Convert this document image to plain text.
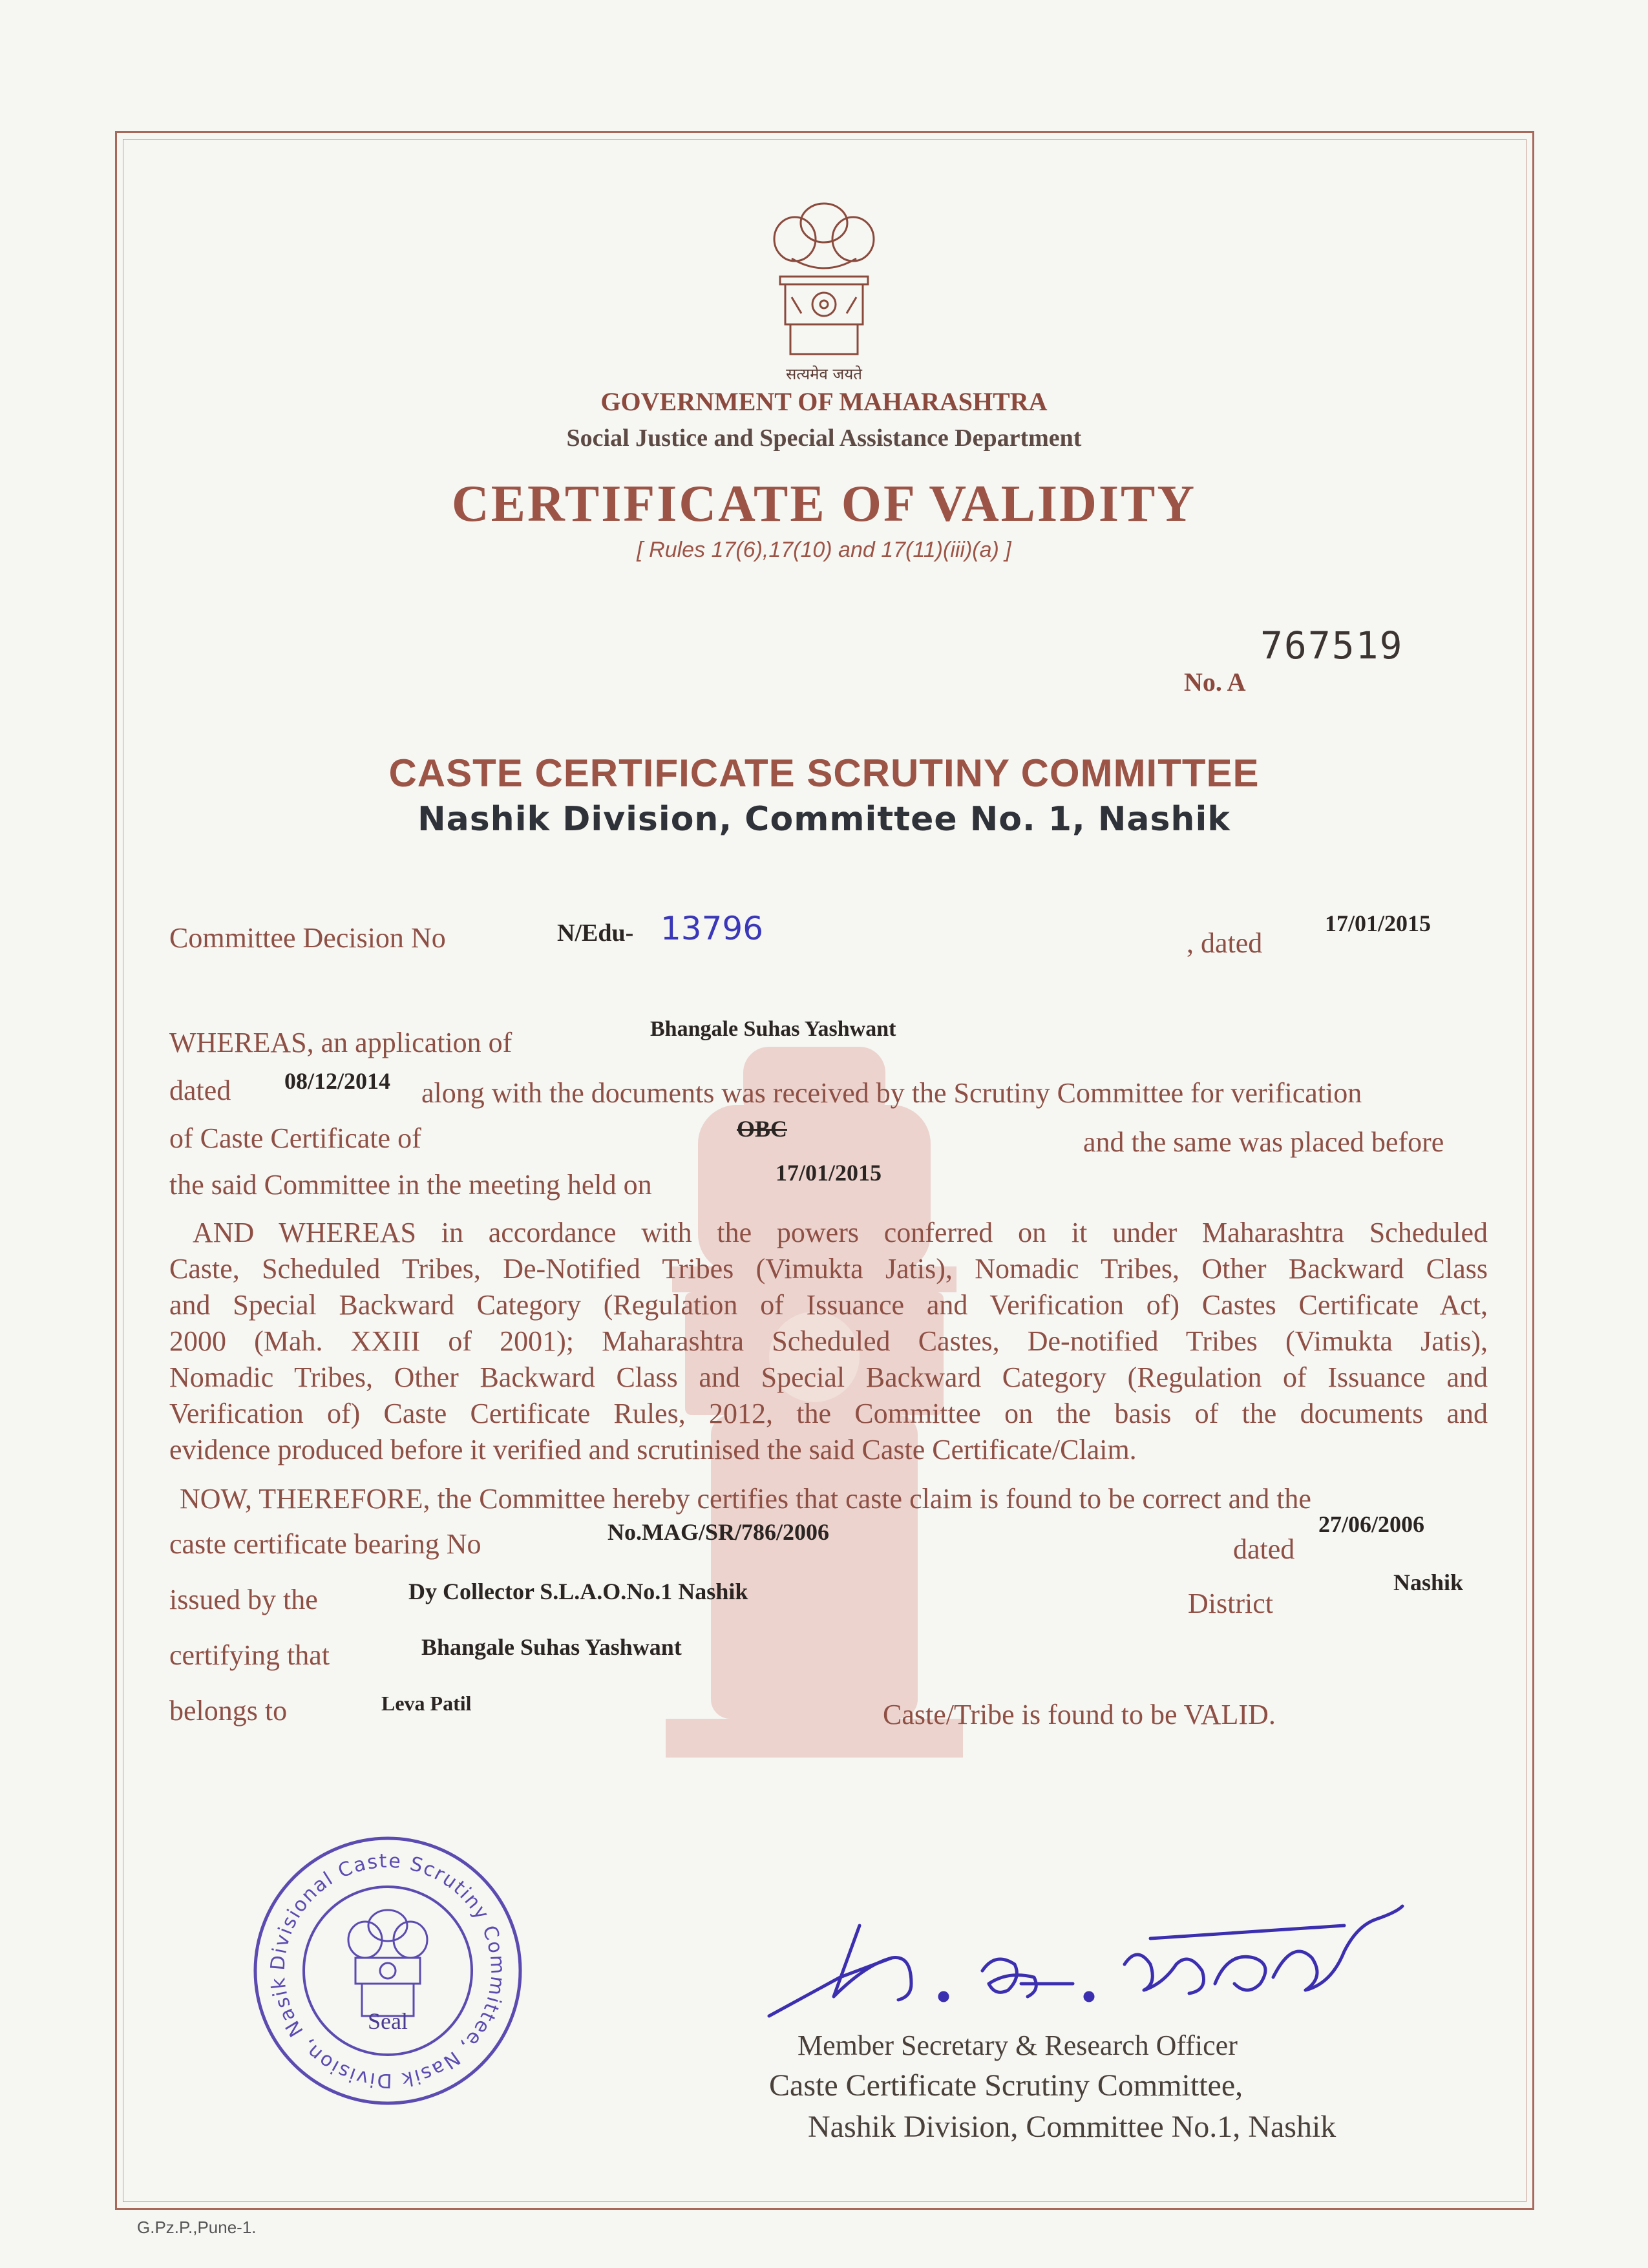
सत्यमेव जयते
GOVERNMENT OF MAHARASHTRA
Social Justice and Special Assistance Department
CERTIFICATE OF VALIDITY
[ Rules 17(6),17(10) and 17(11)(iii)(a) ]
767519
No. A
CASTE CERTIFICATE SCRUTINY COMMITTEE
Nashik Division, Committee No. 1, Nashik
Committee Decision No	N/Edu- 13796	, dated
17/01/2015
WHEREAS, an application of	Bhangale Suhas Yashwant
dated 08/12/2014 along with the documents was received by the Scrutiny Committee for verification
of Caste Certificate of	OBC	and the same was placed before
the said Committee in the meeting held on	17/01/2015
AND WHEREAS in accordance with the powers conferred on it under Maharashtra Scheduled
Caste, Scheduled Tribes, De-Notified Tribes (Vimukta Jatis), Nomadic Tribes, Other Backward Class
and Special Backward Category (Regulation of Issuance and Verification of) Castes Certificate Act,
2000 (Mah. XXIII of 2001); Maharashtra Scheduled Castes, De-notified Tribes (Vimukta Jatis),
Nomadic Tribes, Other Backward Class and Special Backward Category (Regulation of Issuance and
Verification of) Caste Certificate Rules, 2012, the Committee on the basis of the documents and
evidence produced before it verified and scrutinised the said Caste Certificate/Claim.
NOW, THEREFORE, the Committee hereby certifies that caste claim is found to be correct and the
caste certificate bearing No	No.MAG/SR/786/2006
dated
27/06/2006
issued by the	Dy Collector S.L.A.O.No.1 Nashik	District
Nashik
certifying that	Bhangale Suhas Yashwant
belongs to	Leva Patil	Caste/Tribe is found to be VALID.
Divisional Caste Scrutiny Committee, Nasik Division, Nasik
Seal
Member Secretary & Research Officer
Caste Certificate Scrutiny Committee,
Nashik Division, Committee No.1, Nashik
G.Pz.P.,Pune-1.
